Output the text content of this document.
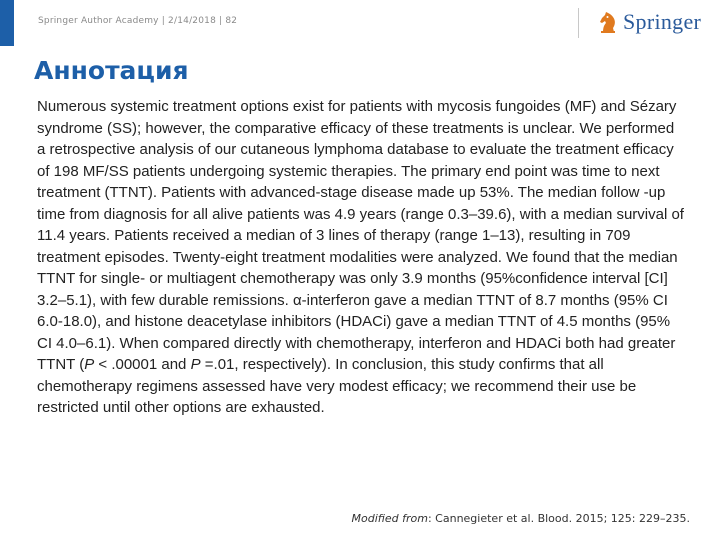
Springer Author Academy | 2/14/2018 | 82	Springer
Аннотация

Numerous systemic treatment options exist for patients with mycosis fungoides (MF) and Sézary syndrome (SS); however, the comparative efficacy of these treatments is unclear. We performed a retrospective analysis of our cutaneous lymphoma database to evaluate the treatment efficacy of 198 MF/SS patients undergoing systemic therapies. The primary end point was time to next treatment (TTNT). Patients with advanced-stage disease made up 53%. The median follow -up time from diagnosis for all alive patients was 4.9 years (range 0.3–39.6), with a median survival of 11.4 years. Patients received a median of 3 lines of therapy (range 1–13), resulting in 709 treatment episodes. Twenty-eight treatment modalities were analyzed. We found that the median TTNT for single- or multiagent chemotherapy was only 3.9 months (95%confidence interval [CI] 3.2–5.1), with few durable remissions. α-interferon gave a median TTNT of 8.7 months (95% CI 6.0-18.0), and histone deacetylase inhibitors (HDACi) gave a median TTNT of 4.5 months (95% CI 4.0–6.1). When compared directly with chemotherapy, interferon and HDACi both had greater TTNT (P < .00001 and P =.01, respectively). In conclusion, this study confirms that all chemotherapy regimens assessed have very modest efficacy; we recommend their use be restricted until other options are exhausted.

Modified from: Cannegieter et al. Blood. 2015; 125: 229–235.
